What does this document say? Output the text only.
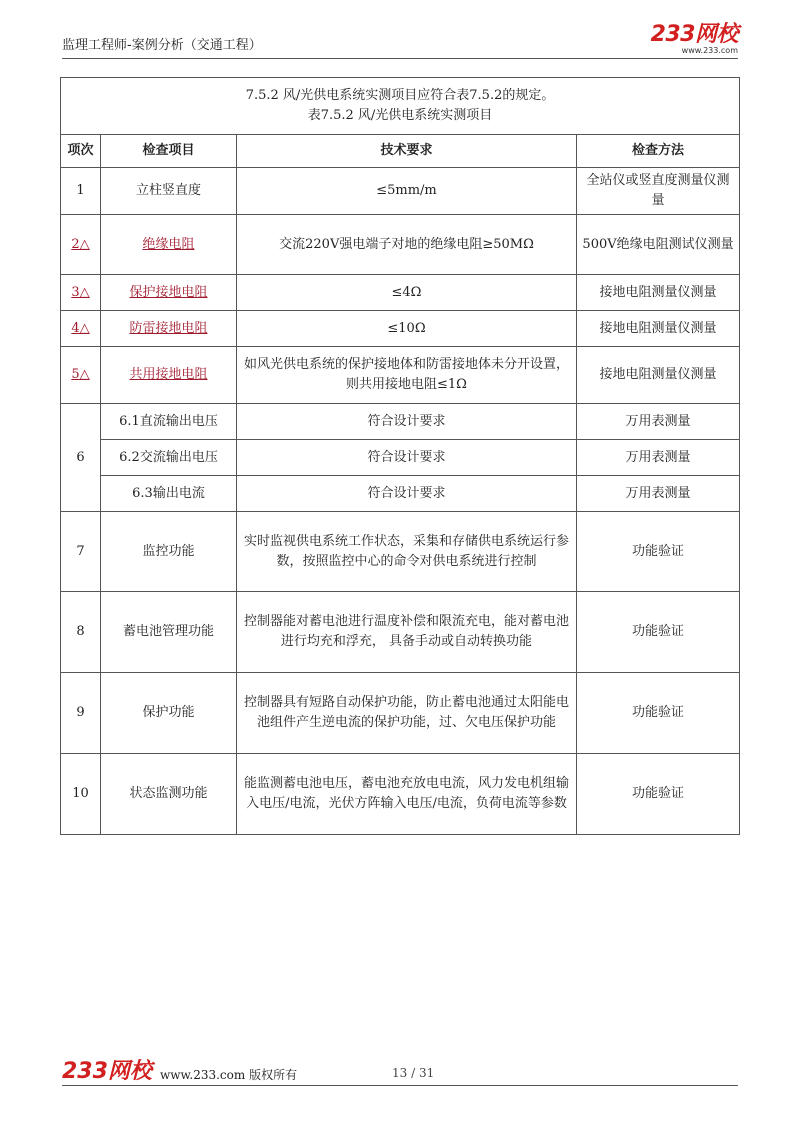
监理工程师-案例分析（交通工程）	233网校
www.233.com
7.5.2 风/光供电系统实测项目应符合表7.5.2的规定。
表7.5.2 风/光供电系统实测项目			

项次	检查项目	技术要求	检查方法
1	立柱竖直度	≤5mm/m	全站仪或竖直度测量仪测量
2△	绝缘电阻	交流220V强电端子对地的绝缘电阻≥50MΩ	500V绝缘电阻测试仪测量
3△	保护接地电阻	≤4Ω	接地电阻测量仪测量
4△	防雷接地电阻	≤10Ω	接地电阻测量仪测量
5△	共用接地电阻	如风光供电系统的保护接地体和防雷接地体未分开设置，则共用接地电阻≤1Ω	接地电阻测量仪测量
6	6.1直流输出电压	符合设计要求	万用表测量
	6.2交流输出电压	符合设计要求	万用表测量
	6.3输出电流	符合设计要求	万用表测量
7	监控功能	实时监视供电系统工作状态，采集和存储供电系统运行参数，按照监控中心的命令对供电系统进行控制	功能验证
8	蓄电池管理功能	控制器能对蓄电池进行温度补偿和限流充电，能对蓄电池进行均充和浮充， 具备手动或自动转换功能	功能验证
9	保护功能	控制器具有短路自动保护功能，防止蓄电池通过太阳能电池组件产生逆电流的保护功能，过、欠电压保护功能	功能验证
10	状态监测功能	能监测蓄电池电压，蓄电池充放电电流，风力发电机组输入电压/电流，光伏方阵输入电压/电流，负荷电流等参数	功能验证
233网校 www.233.com 版权所有	13 / 31
